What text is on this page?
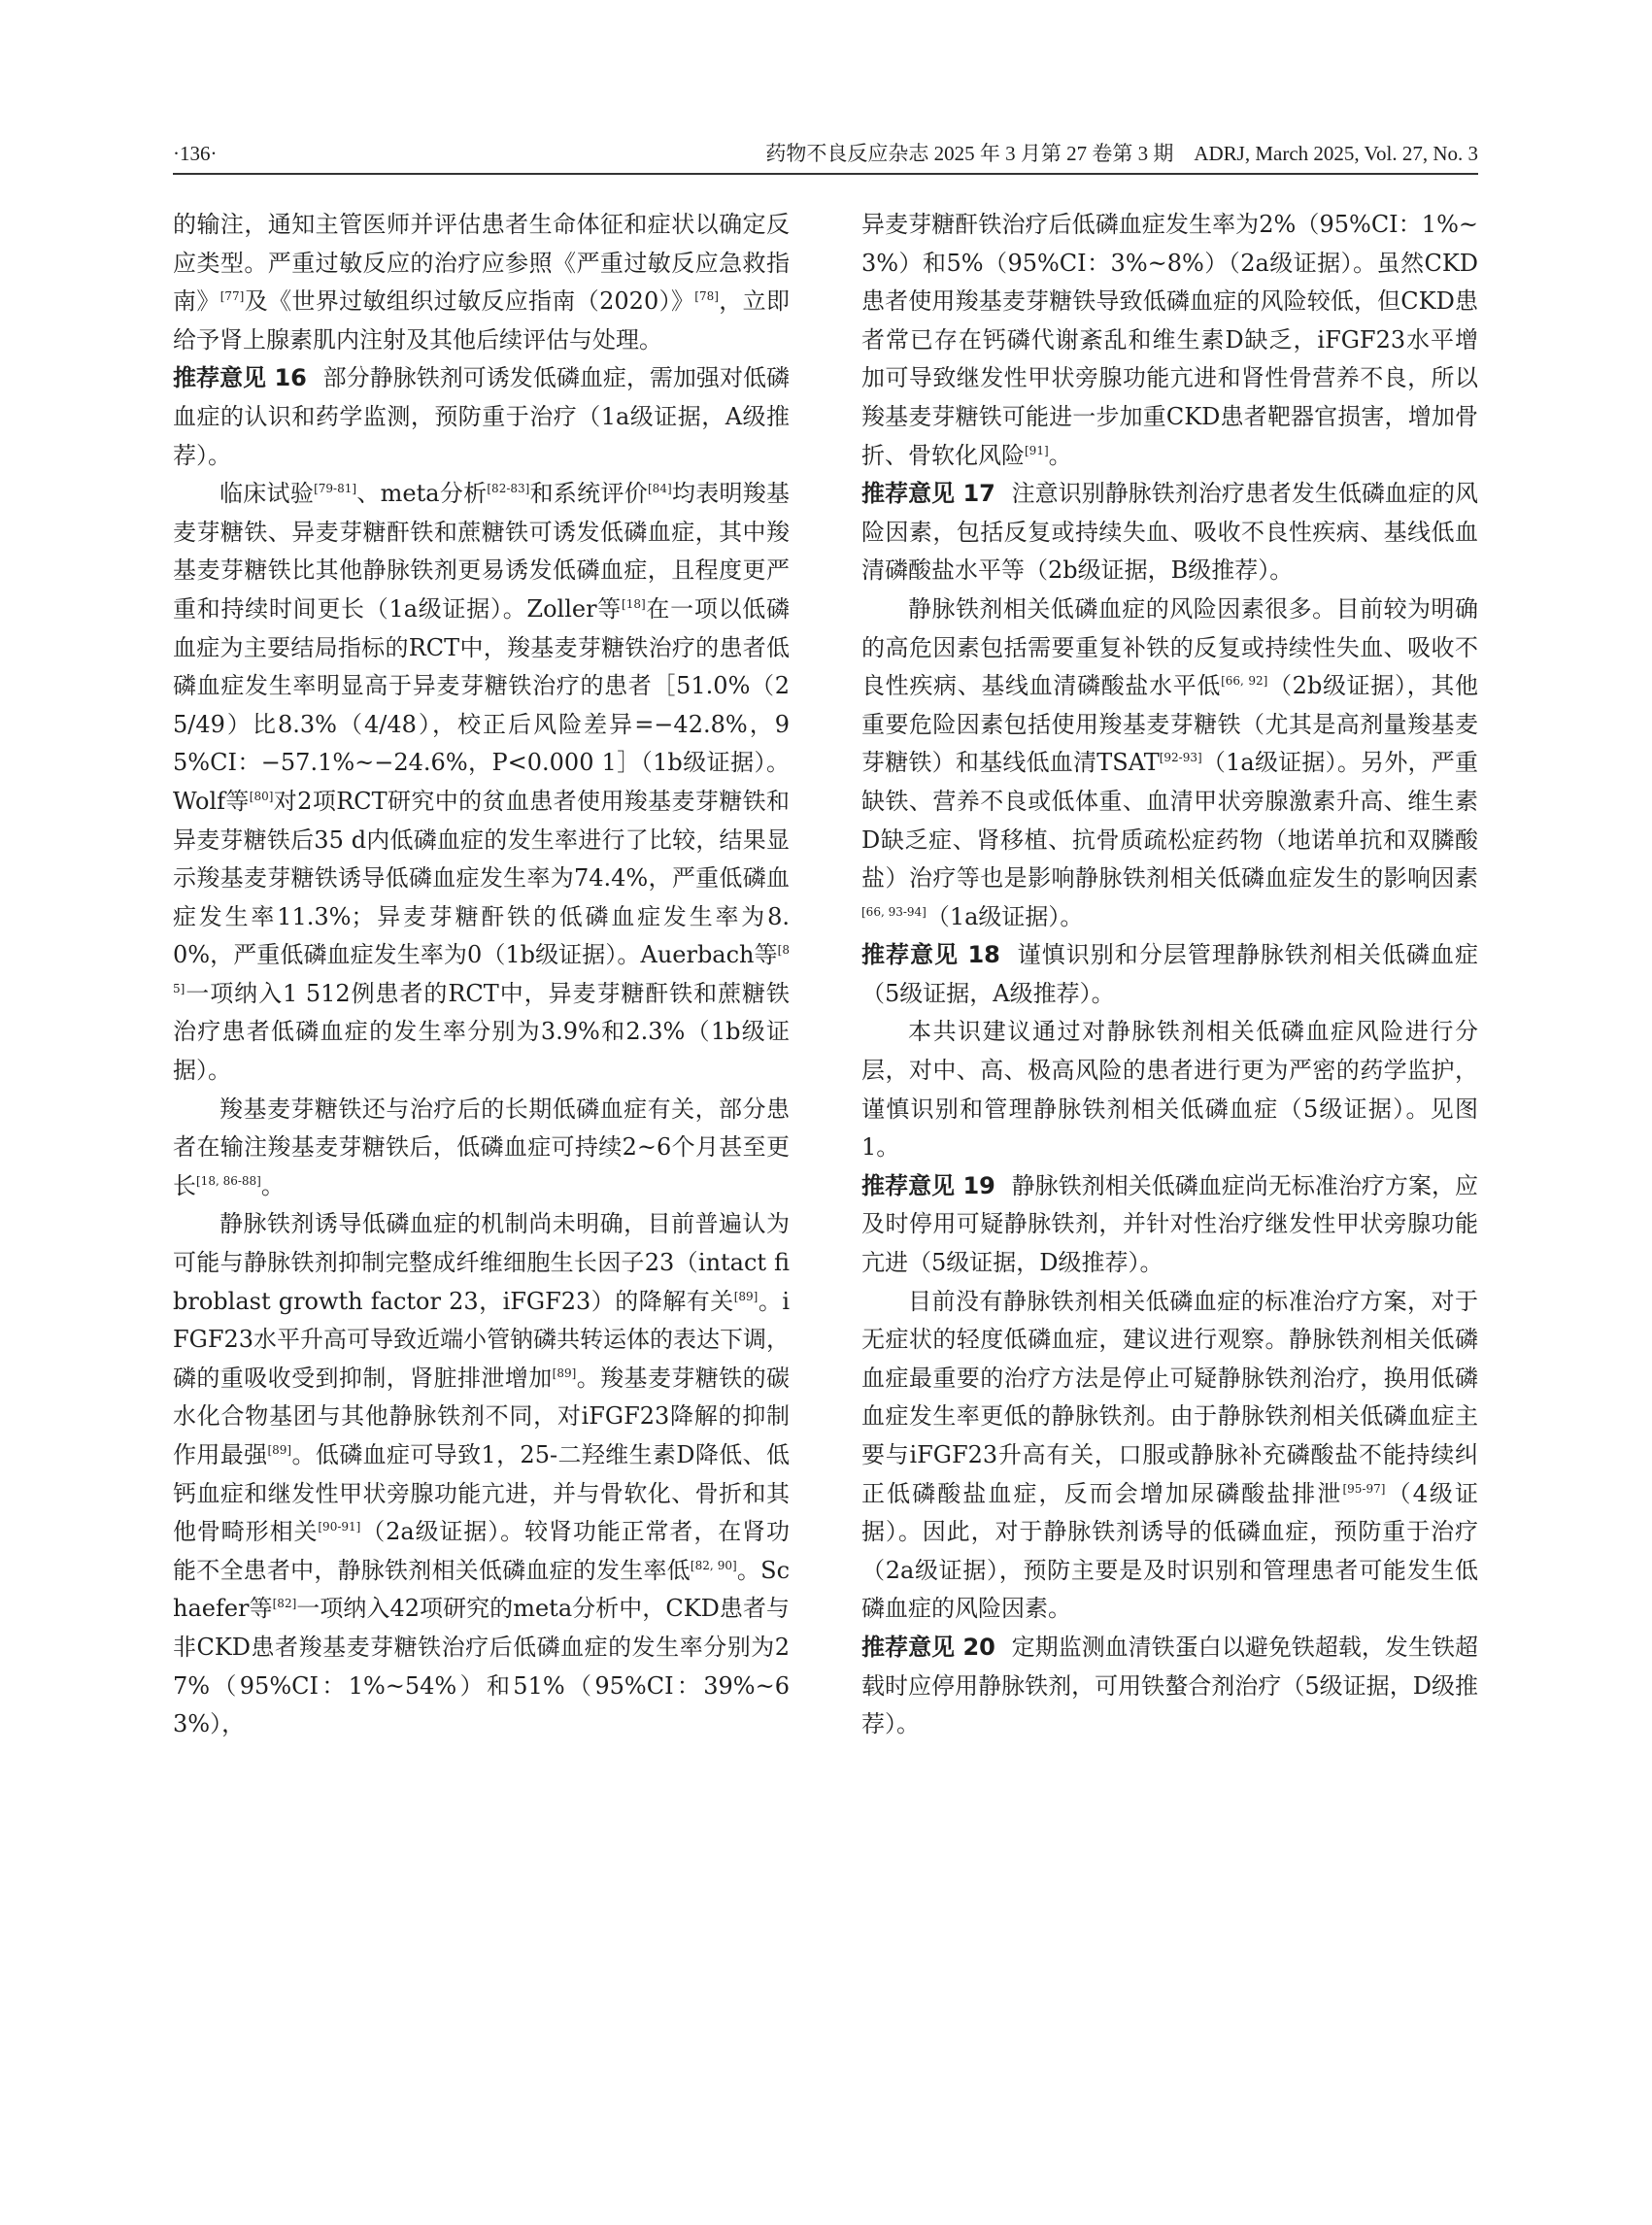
·136·	药物不良反应杂志 2025 年 3 月第 27 卷第 3 期　ADRJ, March 2025, Vol. 27, No. 3

的输注，通知主管医师并评估患者生命体征和症状以确定反应类型。严重过敏反应的治疗应参照《严重过敏反应急救指南》[77]及《世界过敏组织过敏反应指南（2020）》[78]，立即给予肾上腺素肌内注射及其他后续评估与处理。

推荐意见 16 部分静脉铁剂可诱发低磷血症，需加强对低磷血症的认识和药学监测，预防重于治疗（1a级证据，A级推荐）。

临床试验[79-81]、meta分析[82-83]和系统评价[84]均表明羧基麦芽糖铁、异麦芽糖酐铁和蔗糖铁可诱发低磷血症，其中羧基麦芽糖铁比其他静脉铁剂更易诱发低磷血症，且程度更严重和持续时间更长（1a级证据）。Zoller等[18]在一项以低磷血症为主要结局指标的RCT中，羧基麦芽糖铁治疗的患者低磷血症发生率明显高于异麦芽糖铁治疗的患者［51.0%（25/49）比8.3%（4/48），校正后风险差异=−42.8%，95%CI：−57.1%~−24.6%，P<0.000 1］（1b级证据）。Wolf等[80]对2项RCT研究中的贫血患者使用羧基麦芽糖铁和异麦芽糖铁后35 d内低磷血症的发生率进行了比较，结果显示羧基麦芽糖铁诱导低磷血症发生率为74.4%，严重低磷血症发生率11.3%；异麦芽糖酐铁的低磷血症发生率为8.0%，严重低磷血症发生率为0（1b级证据）。Auerbach等[85]一项纳入1 512例患者的RCT中，异麦芽糖酐铁和蔗糖铁治疗患者低磷血症的发生率分别为3.9%和2.3%（1b级证据）。

羧基麦芽糖铁还与治疗后的长期低磷血症有关，部分患者在输注羧基麦芽糖铁后，低磷血症可持续2~6个月甚至更长[18, 86-88]。

静脉铁剂诱导低磷血症的机制尚未明确，目前普遍认为可能与静脉铁剂抑制完整成纤维细胞生长因子23（intact fibroblast growth factor 23，iFGF23）的降解有关[89]。iFGF23水平升高可导致近端小管钠磷共转运体的表达下调，磷的重吸收受到抑制，肾脏排泄增加[89]。羧基麦芽糖铁的碳水化合物基团与其他静脉铁剂不同，对iFGF23降解的抑制作用最强[89]。低磷血症可导致1，25-二羟维生素D降低、低钙血症和继发性甲状旁腺功能亢进，并与骨软化、骨折和其他骨畸形相关[90-91]（2a级证据）。较肾功能正常者，在肾功能不全患者中，静脉铁剂相关低磷血症的发生率低[82, 90]。Schaefer等[82]一项纳入42项研究的meta分析中，CKD患者与非CKD患者羧基麦芽糖铁治疗后低磷血症的发生率分别为27%（95%CI：1%~54%）和51%（95%CI：39%~63%），

异麦芽糖酐铁治疗后低磷血症发生率为2%（95%CI：1%~3%）和5%（95%CI：3%~8%）（2a级证据）。虽然CKD患者使用羧基麦芽糖铁导致低磷血症的风险较低，但CKD患者常已存在钙磷代谢紊乱和维生素D缺乏，iFGF23水平增加可导致继发性甲状旁腺功能亢进和肾性骨营养不良，所以羧基麦芽糖铁可能进一步加重CKD患者靶器官损害，增加骨折、骨软化风险[91]。

推荐意见 17 注意识别静脉铁剂治疗患者发生低磷血症的风险因素，包括反复或持续失血、吸收不良性疾病、基线低血清磷酸盐水平等（2b级证据，B级推荐）。

静脉铁剂相关低磷血症的风险因素很多。目前较为明确的高危因素包括需要重复补铁的反复或持续性失血、吸收不良性疾病、基线血清磷酸盐水平低[66, 92]（2b级证据），其他重要危险因素包括使用羧基麦芽糖铁（尤其是高剂量羧基麦芽糖铁）和基线低血清TSAT[92-93]（1a级证据）。另外，严重缺铁、营养不良或低体重、血清甲状旁腺激素升高、维生素D缺乏症、肾移植、抗骨质疏松症药物（地诺单抗和双膦酸盐）治疗等也是影响静脉铁剂相关低磷血症发生的影响因素[66, 93-94]（1a级证据）。

推荐意见 18 谨慎识别和分层管理静脉铁剂相关低磷血症（5级证据，A级推荐）。

本共识建议通过对静脉铁剂相关低磷血症风险进行分层，对中、高、极高风险的患者进行更为严密的药学监护，谨慎识别和管理静脉铁剂相关低磷血症（5级证据）。见图1。

推荐意见 19 静脉铁剂相关低磷血症尚无标准治疗方案，应及时停用可疑静脉铁剂，并针对性治疗继发性甲状旁腺功能亢进（5级证据，D级推荐）。

目前没有静脉铁剂相关低磷血症的标准治疗方案，对于无症状的轻度低磷血症，建议进行观察。静脉铁剂相关低磷血症最重要的治疗方法是停止可疑静脉铁剂治疗，换用低磷血症发生率更低的静脉铁剂。由于静脉铁剂相关低磷血症主要与iFGF23升高有关，口服或静脉补充磷酸盐不能持续纠正低磷酸盐血症，反而会增加尿磷酸盐排泄[95-97]（4级证据）。因此，对于静脉铁剂诱导的低磷血症，预防重于治疗（2a级证据），预防主要是及时识别和管理患者可能发生低磷血症的风险因素。

推荐意见 20 定期监测血清铁蛋白以避免铁超载，发生铁超载时应停用静脉铁剂，可用铁螯合剂治疗（5级证据，D级推荐）。
